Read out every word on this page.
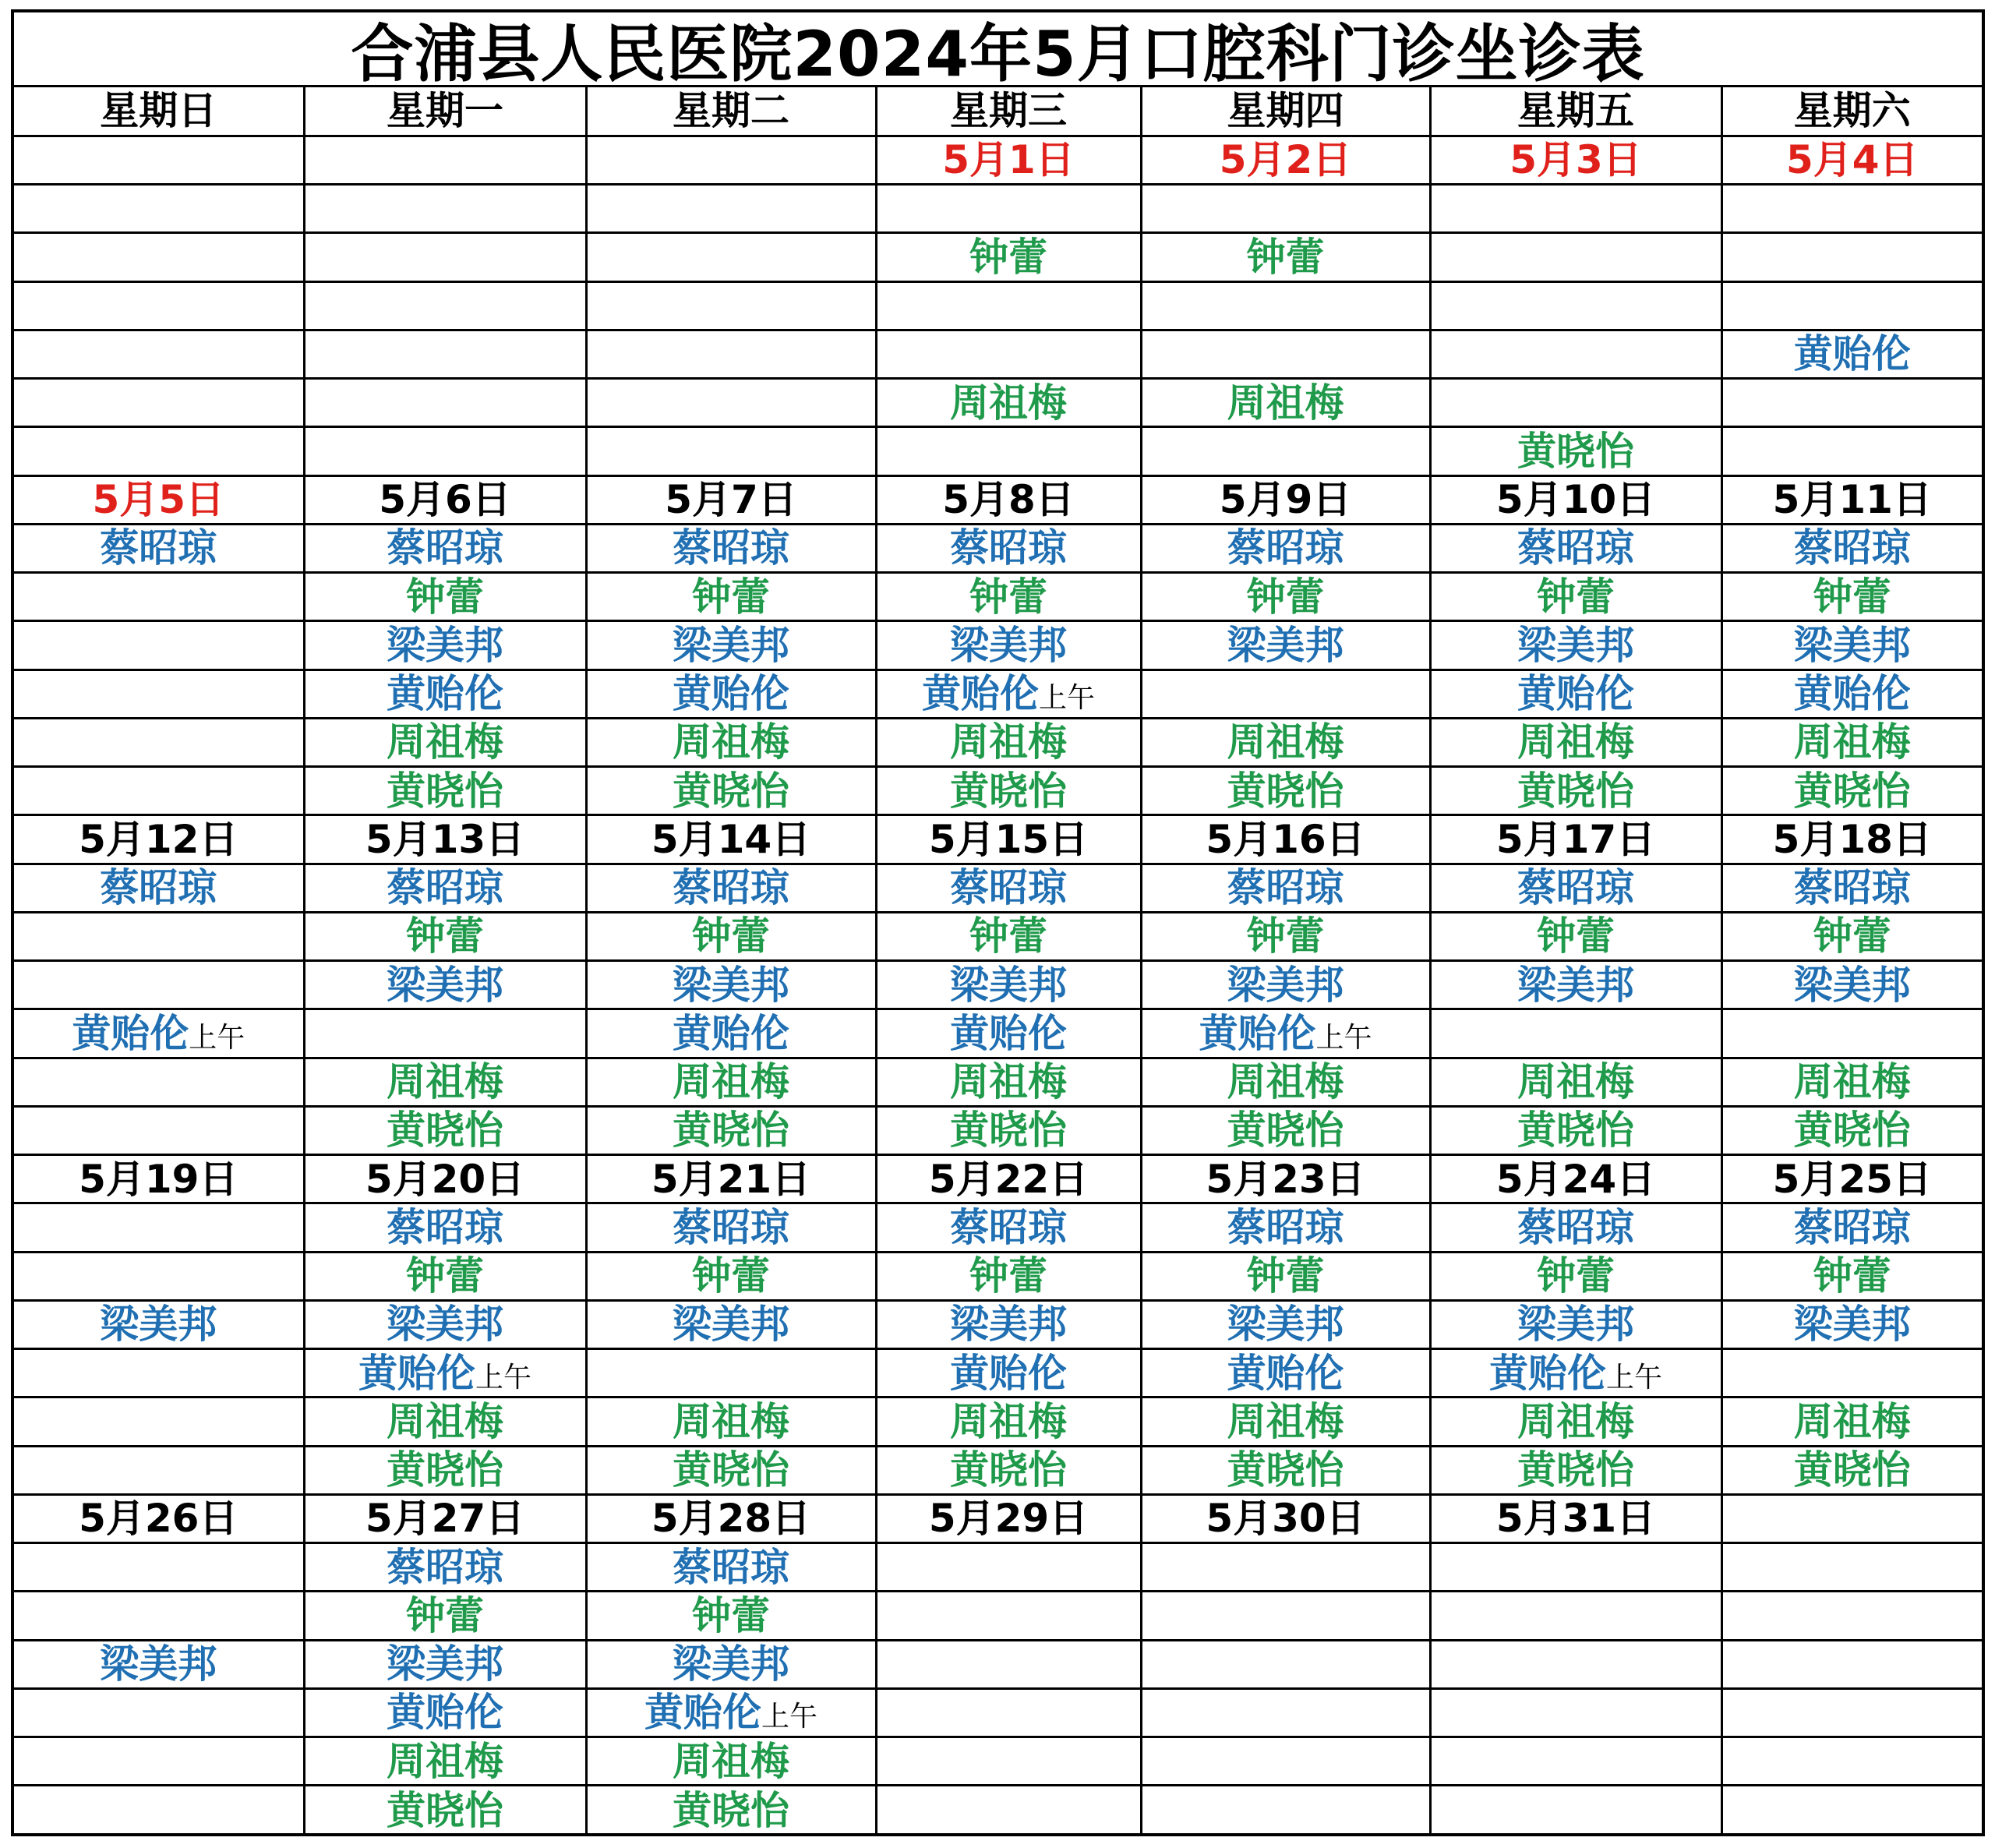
合浦县人民医院2024年5月口腔科门诊坐诊表
星期日	星期一	星期二	星期三	星期四	星期五	星期六
			5月1日	5月2日	5月3日	5月4日

			钟蕾	钟蕾		

						黄贻伦
			周祖梅	周祖梅		
					黄晓怡	
5月5日	5月6日	5月7日	5月8日	5月9日	5月10日	5月11日
蔡昭琼	蔡昭琼	蔡昭琼	蔡昭琼	蔡昭琼	蔡昭琼	蔡昭琼
	钟蕾	钟蕾	钟蕾	钟蕾	钟蕾	钟蕾
	梁美邦	梁美邦	梁美邦	梁美邦	梁美邦	梁美邦
	黄贻伦	黄贻伦	黄贻伦上午		黄贻伦	黄贻伦
	周祖梅	周祖梅	周祖梅	周祖梅	周祖梅	周祖梅
	黄晓怡	黄晓怡	黄晓怡	黄晓怡	黄晓怡	黄晓怡
5月12日	5月13日	5月14日	5月15日	5月16日	5月17日	5月18日
蔡昭琼	蔡昭琼	蔡昭琼	蔡昭琼	蔡昭琼	蔡昭琼	蔡昭琼
	钟蕾	钟蕾	钟蕾	钟蕾	钟蕾	钟蕾
	梁美邦	梁美邦	梁美邦	梁美邦	梁美邦	梁美邦
黄贻伦上午		黄贻伦	黄贻伦	黄贻伦上午		
	周祖梅	周祖梅	周祖梅	周祖梅	周祖梅	周祖梅
	黄晓怡	黄晓怡	黄晓怡	黄晓怡	黄晓怡	黄晓怡
5月19日	5月20日	5月21日	5月22日	5月23日	5月24日	5月25日
	蔡昭琼	蔡昭琼	蔡昭琼	蔡昭琼	蔡昭琼	蔡昭琼
	钟蕾	钟蕾	钟蕾	钟蕾	钟蕾	钟蕾
梁美邦	梁美邦	梁美邦	梁美邦	梁美邦	梁美邦	梁美邦
	黄贻伦上午		黄贻伦	黄贻伦	黄贻伦上午	
	周祖梅	周祖梅	周祖梅	周祖梅	周祖梅	周祖梅
	黄晓怡	黄晓怡	黄晓怡	黄晓怡	黄晓怡	黄晓怡
5月26日	5月27日	5月28日	5月29日	5月30日	5月31日	
	蔡昭琼	蔡昭琼				
	钟蕾	钟蕾				
梁美邦	梁美邦	梁美邦				
	黄贻伦	黄贻伦上午				
	周祖梅	周祖梅				
	黄晓怡	黄晓怡				
